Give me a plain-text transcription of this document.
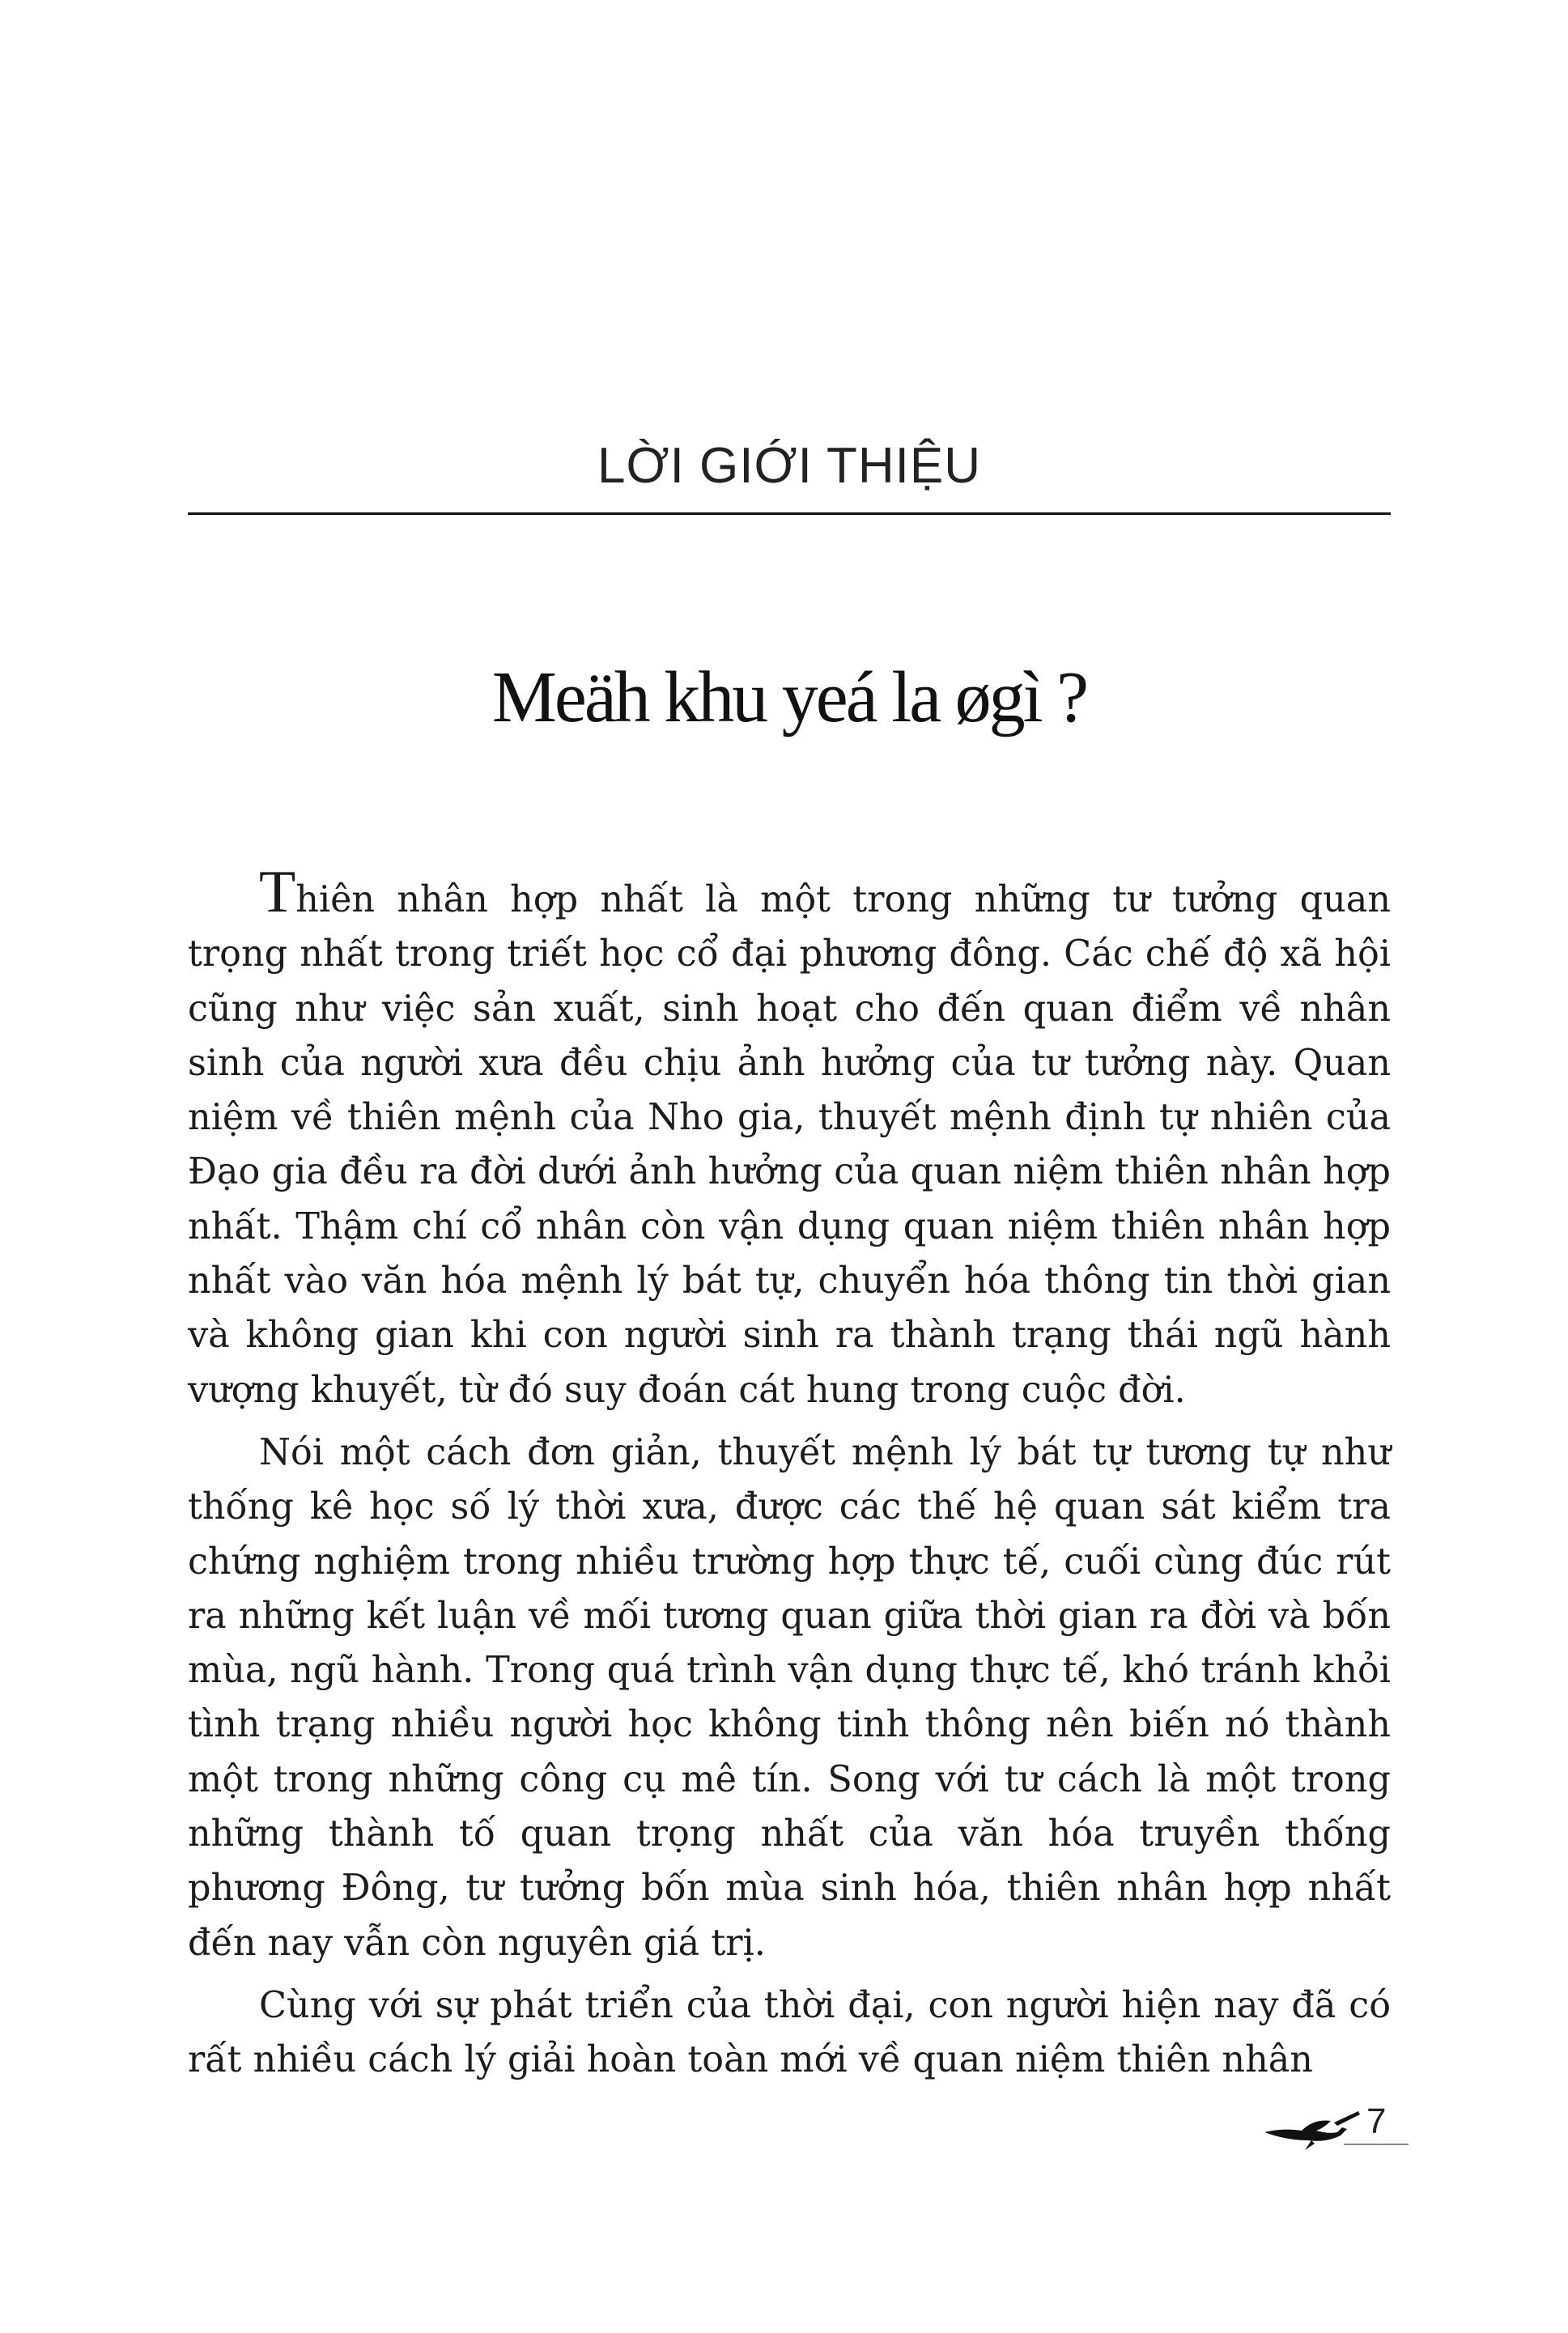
LỜI GIỚI THIỆU
Meäh khu yeá la øgì ?

Thiên nhân hợp nhất là một trong những tư tưởng quan trọng nhất trong triết học cổ đại phương đông. Các chế độ xã hội cũng như việc sản xuất, sinh hoạt cho đến quan điểm về nhân sinh của người xưa đều chịu ảnh hưởng của tư tưởng này. Quan niệm về thiên mệnh của Nho gia, thuyết mệnh định tự nhiên của Đạo gia đều ra đời dưới ảnh hưởng của quan niệm thiên nhân hợp nhất. Thậm chí cổ nhân còn vận dụng quan niệm thiên nhân hợp nhất vào văn hóa mệnh lý bát tự, chuyển hóa thông tin thời gian và không gian khi con người sinh ra thành trạng thái ngũ hành vượng khuyết, từ đó suy đoán cát hung trong cuộc đời.

Nói một cách đơn giản, thuyết mệnh lý bát tự tương tự như thống kê học số lý thời xưa, được các thế hệ quan sát kiểm tra chứng nghiệm trong nhiều trường hợp thực tế, cuối cùng đúc rút ra những kết luận về mối tương quan giữa thời gian ra đời và bốn mùa, ngũ hành. Trong quá trình vận dụng thực tế, khó tránh khỏi tình trạng nhiều người học không tinh thông nên biến nó thành một trong những công cụ mê tín. Song với tư cách là một trong những thành tố quan trọng nhất của văn hóa truyền thống phương Đông, tư tưởng bốn mùa sinh hóa, thiên nhân hợp nhất đến nay vẫn còn nguyên giá trị.

Cùng với sự phát triển của thời đại, con người hiện nay đã có rất nhiều cách lý giải hoàn toàn mới về quan niệm thiên nhân

7
